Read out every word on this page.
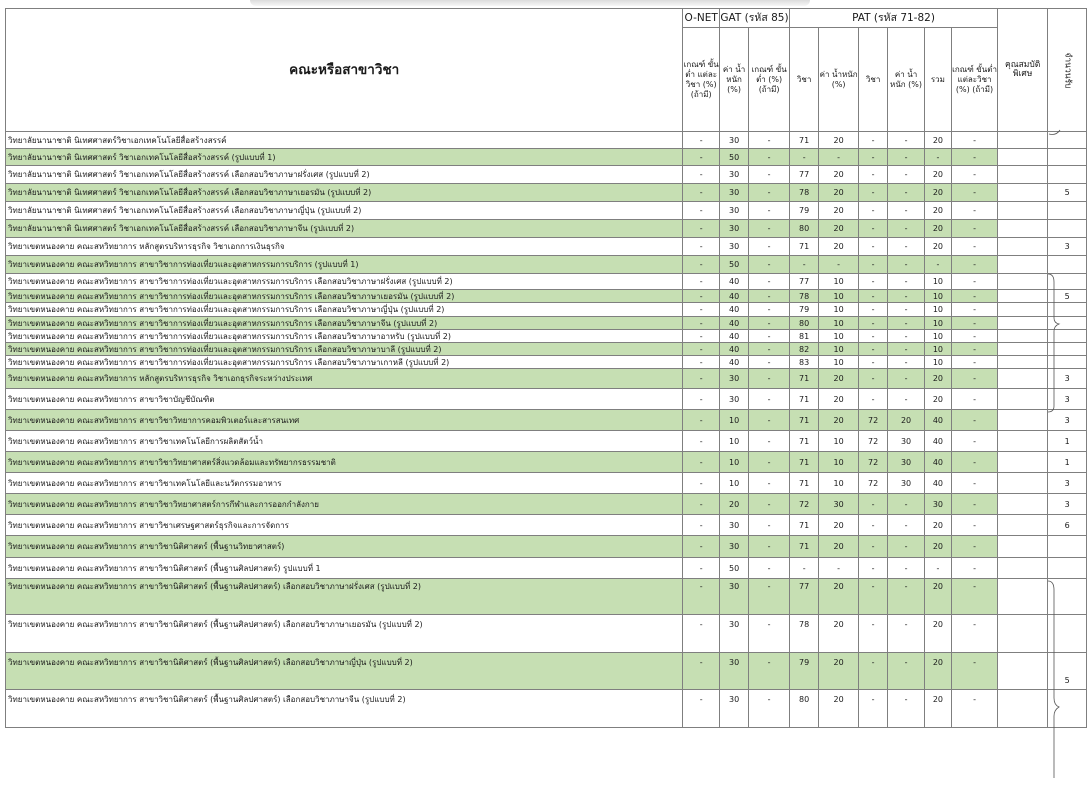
คณะหรือสาขาวิชา	O-NET	GAT (รหัส 85)		PAT (รหัส 71-82)						คุณสมบัติพิเศษ	จำนวนรับ
	เกณฑ์ ขั้นต่ำ แต่ละวิชา (%) (ถ้ามี)	ค่า น้ำหนัก (%)	เกณฑ์ ขั้นต่ำ (%) (ถ้ามี)	วิชา	ค่า น้ำหนัก (%)	วิชา	ค่า น้ำหนัก (%)	รวม	เกณฑ์ ขั้นต่ำ แต่ละวิชา (%) (ถ้ามี)		
วิทยาลัยนานาชาติ นิเทศศาสตร์วิชาเอกเทคโนโลยีสื่อสร้างสรรค์	-	30	-	71	20	-	-	20	-		
วิทยาลัยนานาชาติ นิเทศศาสตร์ วิชาเอกเทคโนโลยีสื่อสร้างสรรค์ (รูปแบบที่ 1)	-	50	-	-	-	-	-	-	-		
วิทยาลัยนานาชาติ นิเทศศาสตร์ วิชาเอกเทคโนโลยีสื่อสร้างสรรค์ เลือกสอบวิชาภาษาฝรั่งเศส (รูปแบบที่ 2)	-	30	-	77	20	-	-	20	-		
วิทยาลัยนานาชาติ นิเทศศาสตร์ วิชาเอกเทคโนโลยีสื่อสร้างสรรค์ เลือกสอบวิชาภาษาเยอรมัน (รูปแบบที่ 2)	-	30	-	78	20	-	-	20	-		5
วิทยาลัยนานาชาติ นิเทศศาสตร์ วิชาเอกเทคโนโลยีสื่อสร้างสรรค์ เลือกสอบวิชาภาษาญี่ปุ่น (รูปแบบที่ 2)	-	30	-	79	20	-	-	20	-		
วิทยาลัยนานาชาติ นิเทศศาสตร์ วิชาเอกเทคโนโลยีสื่อสร้างสรรค์ เลือกสอบวิชาภาษาจีน (รูปแบบที่ 2)	-	30	-	80	20	-	-	20	-		
วิทยาเขตหนองคาย คณะสหวิทยาการ หลักสูตรบริหารธุรกิจ วิชาเอกการเงินธุรกิจ	-	30	-	71	20	-	-	20	-		3
วิทยาเขตหนองคาย คณะสหวิทยาการ สาขาวิชาการท่องเที่ยวและอุตสาหกรรมการบริการ (รูปแบบที่ 1)	-	50	-	-	-	-	-	-	-		
วิทยาเขตหนองคาย คณะสหวิทยาการ สาขาวิชาการท่องเที่ยวและอุตสาหกรรมการบริการ เลือกสอบวิชาภาษาฝรั่งเศส (รูปแบบที่ 2)	-	40	-	77	10	-	-	10	-		
วิทยาเขตหนองคาย คณะสหวิทยาการ สาขาวิชาการท่องเที่ยวและอุตสาหกรรมการบริการ เลือกสอบวิชาภาษาเยอรมัน (รูปแบบที่ 2)	-	40	-	78	10	-	-	10	-		5
วิทยาเขตหนองคาย คณะสหวิทยาการ สาขาวิชาการท่องเที่ยวและอุตสาหกรรมการบริการ เลือกสอบวิชาภาษาญี่ปุ่น (รูปแบบที่ 2)	-	40	-	79	10	-	-	10	-		
วิทยาเขตหนองคาย คณะสหวิทยาการ สาขาวิชาการท่องเที่ยวและอุตสาหกรรมการบริการ เลือกสอบวิชาภาษาจีน (รูปแบบที่ 2)	-	40	-	80	10	-	-	10	-		
วิทยาเขตหนองคาย คณะสหวิทยาการ สาขาวิชาการท่องเที่ยวและอุตสาหกรรมการบริการ เลือกสอบวิชาภาษาอาหรับ (รูปแบบที่ 2)	-	40	-	81	10	-	-	10	-		
วิทยาเขตหนองคาย คณะสหวิทยาการ สาขาวิชาการท่องเที่ยวและอุตสาหกรรมการบริการ เลือกสอบวิชาภาษาบาลี (รูปแบบที่ 2)	-	40	-	82	10	-	-	10	-		
วิทยาเขตหนองคาย คณะสหวิทยาการ สาขาวิชาการท่องเที่ยวและอุตสาหกรรมการบริการ เลือกสอบวิชาภาษาเกาหลี (รูปแบบที่ 2)	-	40	-	83	10	-	-	10	-		
วิทยาเขตหนองคาย คณะสหวิทยาการ หลักสูตรบริหารธุรกิจ วิชาเอกธุรกิจระหว่างประเทศ	-	30	-	71	20	-	-	20	-		3
วิทยาเขตหนองคาย คณะสหวิทยาการ สาขาวิชาบัญชีบัณฑิต	-	30	-	71	20	-	-	20	-		3
วิทยาเขตหนองคาย คณะสหวิทยาการ สาขาวิชาวิทยาการคอมพิวเตอร์และสารสนเทศ	-	10	-	71	20	72	20	40	-		3
วิทยาเขตหนองคาย คณะสหวิทยาการ สาขาวิชาเทคโนโลยีการผลิตสัตว์น้ำ	-	10	-	71	10	72	30	40	-		1
วิทยาเขตหนองคาย คณะสหวิทยาการ สาขาวิชาวิทยาศาสตร์สิ่งแวดล้อมและทรัพยากรธรรมชาติ	-	10	-	71	10	72	30	40	-		1
วิทยาเขตหนองคาย คณะสหวิทยาการ สาขาวิชาเทคโนโลยีและนวัตกรรมอาหาร	-	10	-	71	10	72	30	40	-		3
วิทยาเขตหนองคาย คณะสหวิทยาการ สาขาวิชาวิทยาศาสตร์การกีฬาและการออกกำลังกาย	-	20	-	72	30	-	-	30	-		3
วิทยาเขตหนองคาย คณะสหวิทยาการ สาขาวิชาเศรษฐศาสตร์ธุรกิจและการจัดการ	-	30	-	71	20	-	-	20	-		6
วิทยาเขตหนองคาย คณะสหวิทยาการ สาขาวิชานิติศาสตร์ (พื้นฐานวิทยาศาสตร์)	-	30	-	71	20	-	-	20	-		
วิทยาเขตหนองคาย คณะสหวิทยาการ สาขาวิชานิติศาสตร์ (พื้นฐานศิลปศาสตร์) รูปแบบที่ 1	-	50	-	-	-	-	-	-	-		
วิทยาเขตหนองคาย คณะสหวิทยาการ สาขาวิชานิติศาสตร์ (พื้นฐานศิลปศาสตร์) เลือกสอบวิชาภาษาฝรั่งเศส (รูปแบบที่ 2)	-	30	-	77	20	-	-	20	-		
วิทยาเขตหนองคาย คณะสหวิทยาการ สาขาวิชานิติศาสตร์ (พื้นฐานศิลปศาสตร์) เลือกสอบวิชาภาษาเยอรมัน (รูปแบบที่ 2)	-	30	-	78	20	-	-	20	-		
วิทยาเขตหนองคาย คณะสหวิทยาการ สาขาวิชานิติศาสตร์ (พื้นฐานศิลปศาสตร์) เลือกสอบวิชาภาษาญี่ปุ่น (รูปแบบที่ 2)	-	30	-	79	20	-	-	20	-		5
วิทยาเขตหนองคาย คณะสหวิทยาการ สาขาวิชานิติศาสตร์ (พื้นฐานศิลปศาสตร์) เลือกสอบวิชาภาษาจีน (รูปแบบที่ 2)	-	30	-	80	20	-	-	20	-		
